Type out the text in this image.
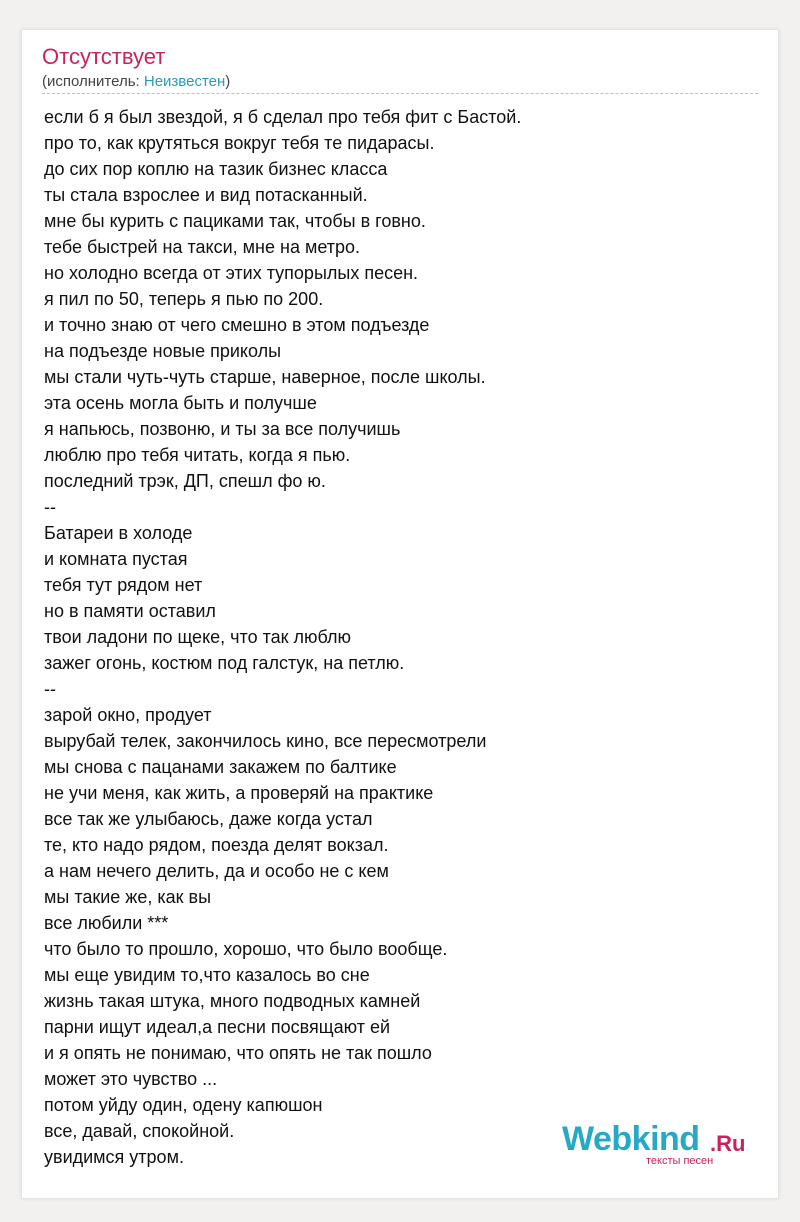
Отсутствует
(исполнитель: Неизвестен)
если б я был звездой, я б сделал про тебя фит с Бастой.
про то, как крутяться вокруг тебя те пидарасы.
до сих пор коплю на тазик бизнес класса
ты стала взрослее и вид потасканный.
мне бы курить с пациками так, чтобы в говно.
тебе быстрей на такси, мне на метро.
но холодно всегда от этих тупорылых песен.
я пил по 50, теперь я пью по 200.
и точно знаю от чего смешно в этом подъезде
на подъезде новые приколы
мы стали чуть-чуть старше, наверное, после школы.
эта осень могла быть и получше
я напьюсь, позвоню, и ты за все получишь
люблю про тебя читать, когда я пью.
последний трэк, ДП, спешл фо ю.
--
Батареи в холоде
и комната пустая
тебя тут рядом нет
но в памяти оставил
твои ладони по щеке, что так люблю
зажег огонь, костюм под галстук, на петлю.
--
зарой окно, продует
вырубай телек, закончилось кино, все пересмотрели
мы снова с пацанами закажем по балтике
не учи меня, как жить, а проверяй на практике
все так же улыбаюсь, даже когда устал
те, кто надо рядом, поезда делят вокзал.
а нам нечего делить, да и особо не с кем
мы такие же, как вы
все любили ***
что было то прошло, хорошо, что было вообще.
мы еще увидим то,что казалось во сне
жизнь такая штука, много подводных камней
парни ищут идеал,а песни посвящают ей
и я опять не понимаю, что опять не так пошло
может это чувство ...
потом уйду один, одену капюшон
все, давай, спокойной.
увидимся утром.	Webkind .Ru
тексты песен
